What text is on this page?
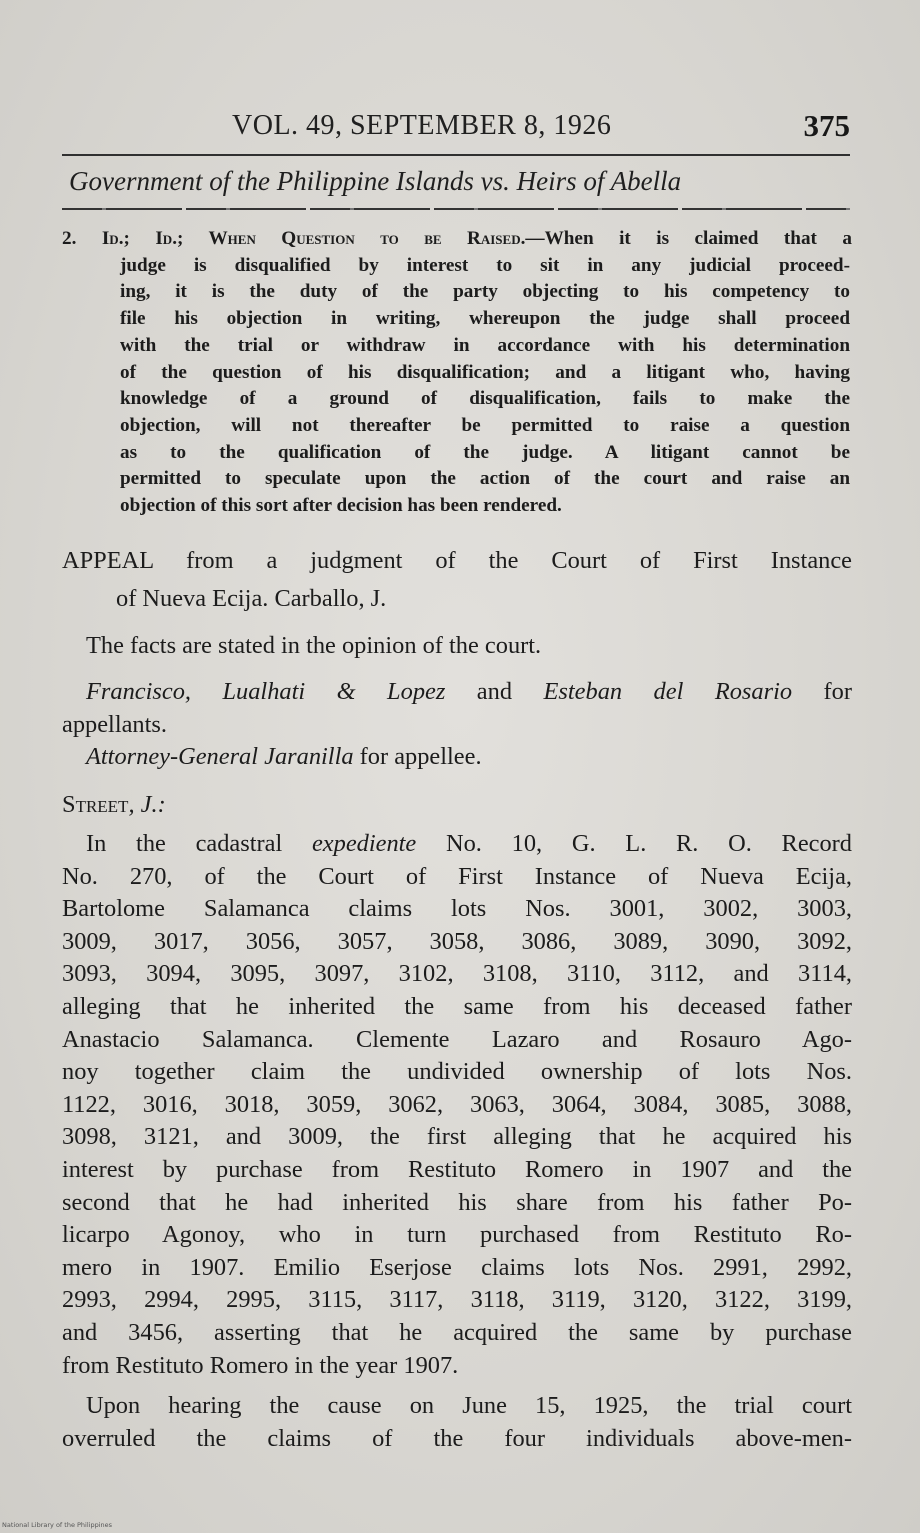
VOL. 49, SEPTEMBER 8, 1926	375
Government of the Philippine Islands vs. Heirs of Abella
2. Id.; Id.; When Question to be Raised.—When it is claimed that a
judge is disqualified by interest to sit in any judicial proceed-
ing, it is the duty of the party objecting to his competency to
file his objection in writing, whereupon the judge shall proceed
with the trial or withdraw in accordance with his determination
of the question of his disqualification; and a litigant who, having
knowledge of a ground of disqualification, fails to make the
objection, will not thereafter be permitted to raise a question
as to the qualification of the judge. A litigant cannot be
permitted to speculate upon the action of the court and raise an
objection of this sort after decision has been rendered.
APPEAL from a judgment of the Court of First Instance
of Nueva Ecija. Carballo, J.
The facts are stated in the opinion of the court.
Francisco, Lualhati & Lopez and Esteban del Rosario for
appellants.
Attorney-General Jaranilla for appellee.
Street, J.:
In the cadastral expediente No. 10, G. L. R. O. Record
No. 270, of the Court of First Instance of Nueva Ecija,
Bartolome Salamanca claims lots Nos. 3001, 3002, 3003,
3009, 3017, 3056, 3057, 3058, 3086, 3089, 3090, 3092,
3093, 3094, 3095, 3097, 3102, 3108, 3110, 3112, and 3114,
alleging that he inherited the same from his deceased father
Anastacio Salamanca. Clemente Lazaro and Rosauro Ago-
noy together claim the undivided ownership of lots Nos.
1122, 3016, 3018, 3059, 3062, 3063, 3064, 3084, 3085, 3088,
3098, 3121, and 3009, the first alleging that he acquired his
interest by purchase from Restituto Romero in 1907 and the
second that he had inherited his share from his father Po-
licarpo Agonoy, who in turn purchased from Restituto Ro-
mero in 1907. Emilio Eserjose claims lots Nos. 2991, 2992,
2993, 2994, 2995, 3115, 3117, 3118, 3119, 3120, 3122, 3199,
and 3456, asserting that he acquired the same by purchase
from Restituto Romero in the year 1907.
Upon hearing the cause on June 15, 1925, the trial court
overruled the claims of the four individuals above-men-
National Library of the Philippines
